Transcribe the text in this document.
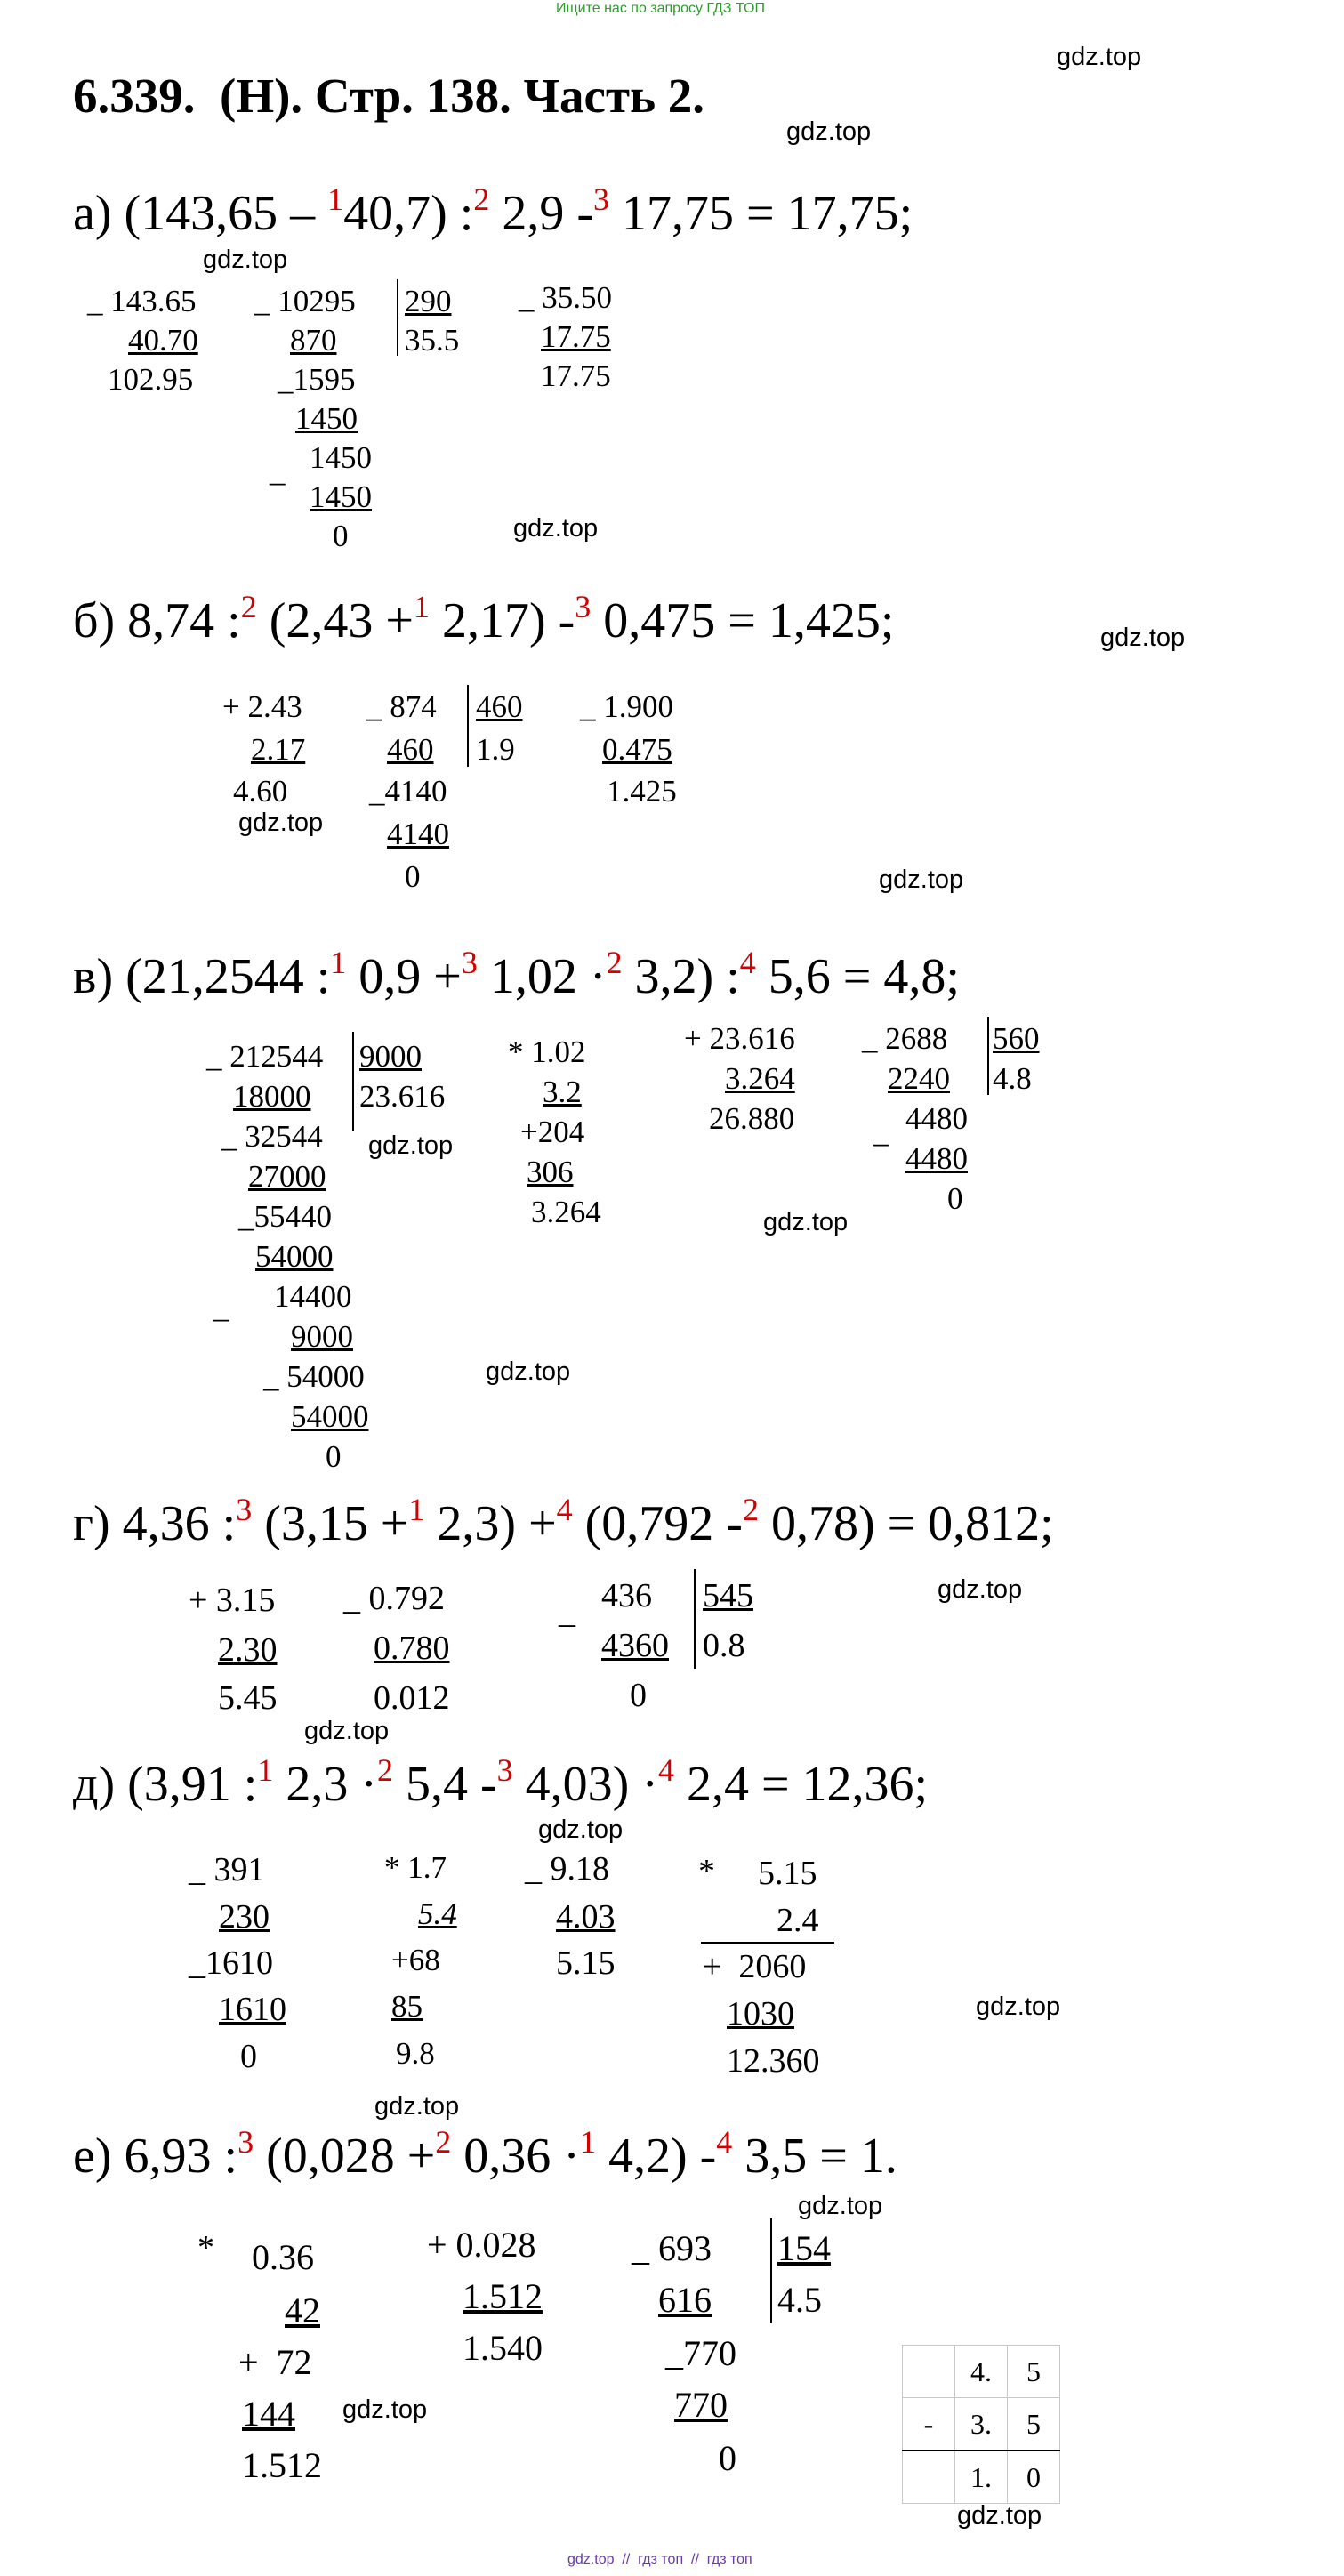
Ищите нас по запросу ГДЗ ТОП
6.339.  (Н). Стр. 138. Часть 2.
gdz.top
gdz.top
gdz.top
gdz.top
gdz.top
gdz.top
gdz.top
gdz.top
gdz.top
gdz.top
gdz.top
gdz.top
gdz.top
gdz.top
gdz.top
gdz.top
gdz.top
gdz.top
а) (143,65 – $^1$40,7) :$^2$ 2,9 -$^3$ 17,75 = 17,75;
_ 143.65
40.70
102.95
_ 10295
870
_1595
1450
_ 1450
1450
0
290
35.5
_ 35.50
17.75
17.75
б) 8,74 :$^2$ (2,43 +$^1$ 2,17) -$^3$ 0,475 = 1,425;
+ 2.43
2.17
4.60
_ 874
460
_4140
4140
0
460
1.9
_ 1.900
0.475
1.425
в) (21,2544 :$^1$ 0,9 +$^3$ 1,02 ·$^2$ 3,2) :$^4$ 5,6 = 4,8;
_ 212544
18000
_ 32544
27000
_55440
54000
_ 14400
9000
_ 54000
54000
0
9000
23.616
* 1.02
3.2
+204
306
3.264
+ 23.616
3.264
26.880
_ 2688
2240
_ 4480
4480
0
560
4.8
г) 4,36 :$^3$ (3,15 +$^1$ 2,3) +$^4$ (0,792 -$^2$ 0,78) = 0,812;
+ 3.15
2.30
5.45
_ 0.792
0.780
0.012
_ 436
4360
0
545
0.8
д) (3,91 :$^1$ 2,3 ·$^2$ 5,4 -$^3$ 4,03) ·$^4$ 2,4 = 12,36;
_ 391
230
_1610
1610
0
* 1.7
5.4
+68
85
9.8
_ 9.18
4.03
5.15
* 5.15
2.4
+  2060
1030
12.360
е) 6,93 :$^3$ (0,028 +$^2$ 0,36 ·$^1$ 4,2) -$^4$ 3,5 = 1.
* 0.36
42
+  72
144
1.512
+ 0.028
1.512
1.540
_ 693
616
_770
770
0
154
4.5
	4.	5
-	3.	5
	1.	0
gdz.top  //  гдз топ  //  гдз топ
